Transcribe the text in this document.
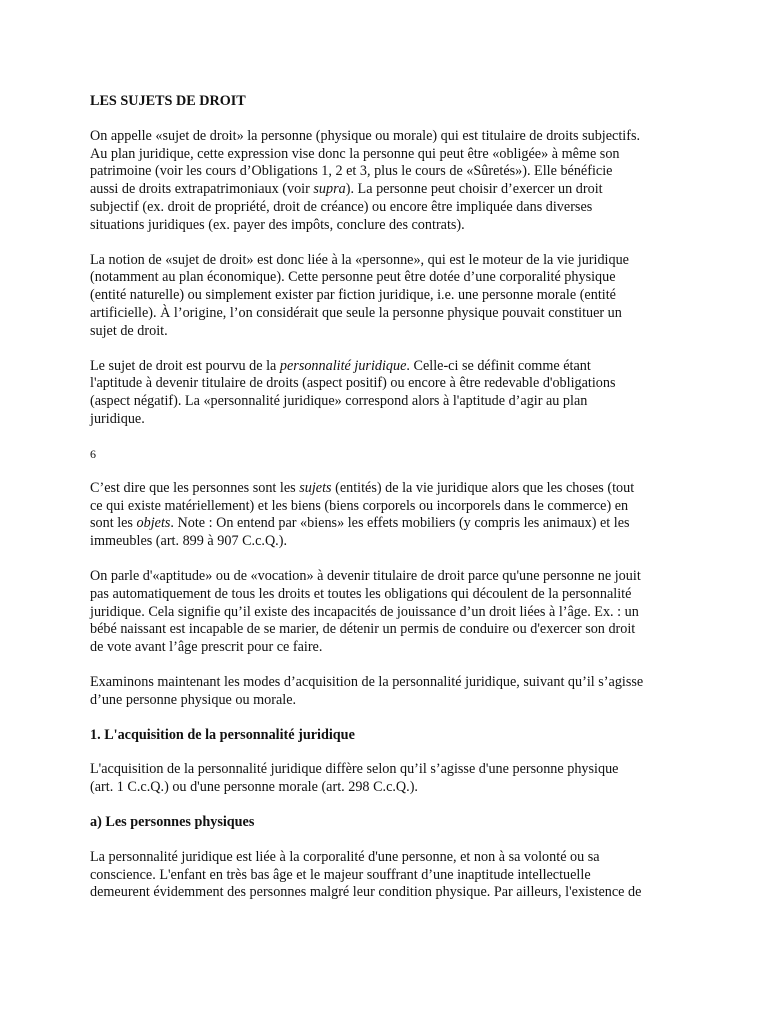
LES SUJETS DE DROIT
On appelle «sujet de droit» la personne (physique ou morale) qui est titulaire de droits subjectifs.
Au plan juridique, cette expression vise donc la personne qui peut être «obligée» à même son
patrimoine (voir les cours d’Obligations 1, 2 et 3, plus le cours de «Sûretés»). Elle bénéficie
aussi de droits extrapatrimoniaux (voir supra). La personne peut choisir d’exercer un droit
subjectif (ex. droit de propriété, droit de créance) ou encore être impliquée dans diverses
situations juridiques (ex. payer des impôts, conclure des contrats).
La notion de «sujet de droit» est donc liée à la «personne», qui est le moteur de la vie juridique
(notamment au plan économique). Cette personne peut être dotée d’une corporalité physique
(entité naturelle) ou simplement exister par fiction juridique, i.e. une personne morale (entité
artificielle). À l’origine, l’on considérait que seule la personne physique pouvait constituer un
sujet de droit.
Le sujet de droit est pourvu de la personnalité juridique. Celle-ci se définit comme étant
l'aptitude à devenir titulaire de droits (aspect positif) ou encore à être redevable d'obligations
(aspect négatif). La «personnalité juridique» correspond alors à l'aptitude d’agir au plan
juridique.
6
C’est dire que les personnes sont les sujets (entités) de la vie juridique alors que les choses (tout
ce qui existe matériellement) et les biens (biens corporels ou incorporels dans le commerce) en
sont les objets. Note : On entend par «biens» les effets mobiliers (y compris les animaux) et les
immeubles (art. 899 à 907 C.c.Q.).
On parle d'«aptitude» ou de «vocation» à devenir titulaire de droit parce qu'une personne ne jouit
pas automatiquement de tous les droits et toutes les obligations qui découlent de la personnalité
juridique. Cela signifie qu’il existe des incapacités de jouissance d’un droit liées à l’âge. Ex. : un
bébé naissant est incapable de se marier, de détenir un permis de conduire ou d'exercer son droit
de vote avant l’âge prescrit pour ce faire.
Examinons maintenant les modes d’acquisition de la personnalité juridique, suivant qu’il s’agisse
d’une personne physique ou morale.
1. L'acquisition de la personnalité juridique
L'acquisition de la personnalité juridique diffère selon qu’il s’agisse d'une personne physique
(art. 1 C.c.Q.) ou d'une personne morale (art. 298 C.c.Q.).
a) Les personnes physiques
La personnalité juridique est liée à la corporalité d'une personne, et non à sa volonté ou sa
conscience. L'enfant en très bas âge et le majeur souffrant d’une inaptitude intellectuelle
demeurent évidemment des personnes malgré leur condition physique. Par ailleurs, l'existence de
